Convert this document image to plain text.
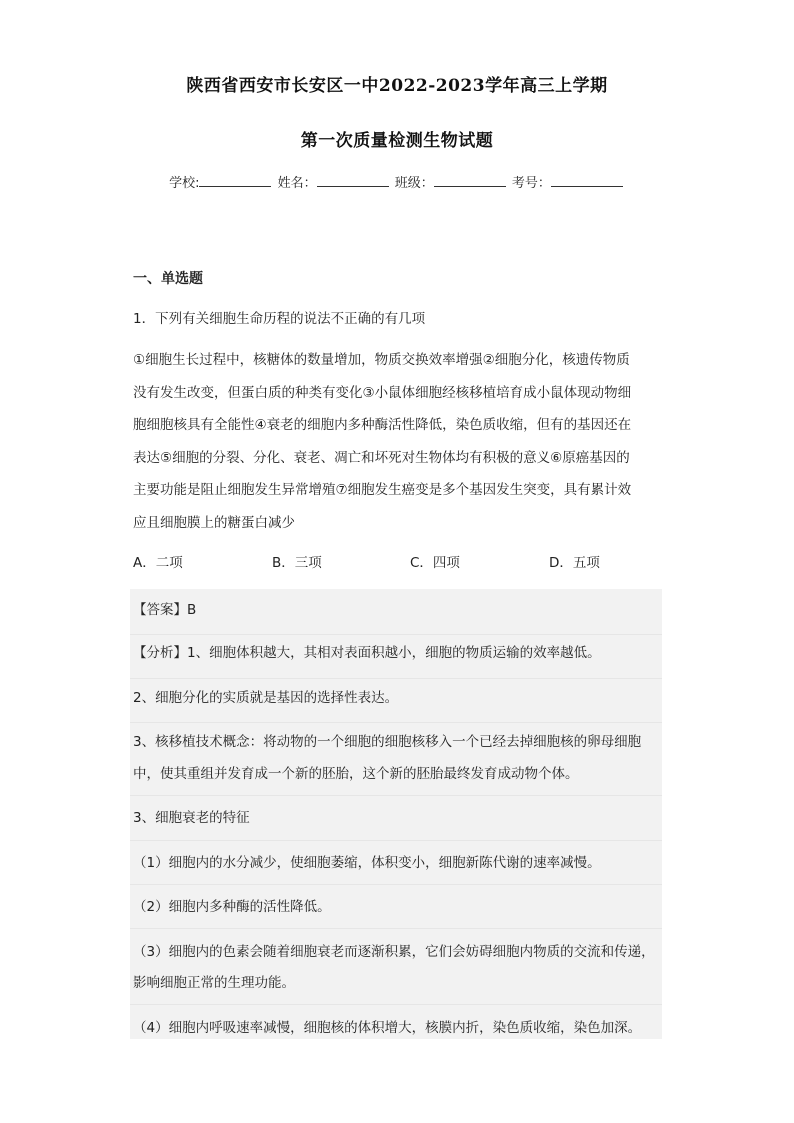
陕西省西安市长安区一中2022-2023学年高三上学期
第一次质量检测生物试题
学校:	姓名：	班级：	考号：
一、单选题
1．下列有关细胞生命历程的说法不正确的有几项
①细胞生长过程中，核糖体的数量增加，物质交换效率增强②细胞分化，核遗传物质
没有发生改变，但蛋白质的种类有变化③小鼠体细胞经核移植培育成小鼠体现动物细
胞细胞核具有全能性④衰老的细胞内多种酶活性降低，染色质收缩，但有的基因还在
表达⑤细胞的分裂、分化、衰老、凋亡和坏死对生物体均有积极的意义⑥原癌基因的
主要功能是阻止细胞发生异常增殖⑦细胞发生癌变是多个基因发生突变，具有累计效
应且细胞膜上的糖蛋白减少
A．二项	B．三项	C．四项	D．五项
【答案】B
【分析】1、细胞体积越大，其相对表面积越小，细胞的物质运输的效率越低。
2、细胞分化的实质就是基因的选择性表达。
3、核移植技术概念：将动物的一个细胞的细胞核移入一个已经去掉细胞核的卵母细胞
中，使其重组并发育成一个新的胚胎，这个新的胚胎最终发育成动物个体。
3、细胞衰老的特征
（1）细胞内的水分减少，使细胞萎缩，体积变小，细胞新陈代谢的速率减慢。
（2）细胞内多种酶的活性降低。
（3）细胞内的色素会随着细胞衰老而逐渐积累，它们会妨碍细胞内物质的交流和传递，
影响细胞正常的生理功能。
（4）细胞内呼吸速率减慢，细胞核的体积增大，核膜内折，染色质收缩，染色加深。
